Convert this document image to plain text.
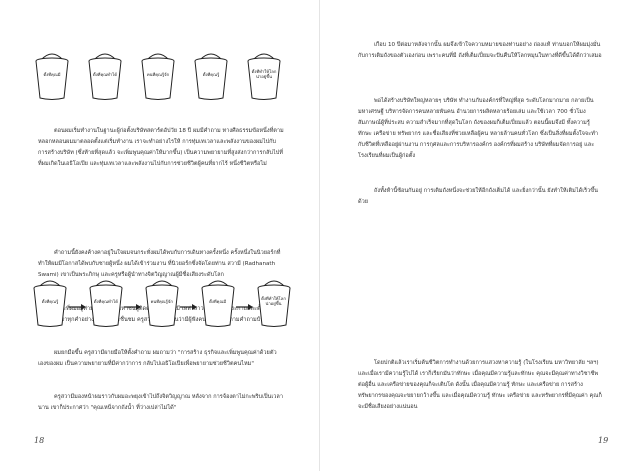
ตั้งที่คุณมี	ตั้งที่คุณทำได้	คนที่คุณรู้จัก	ตั้งที่คุณรู้
ตั้งที่ทำให้โลก
น่าอยู่ขึ้น

ตอนผมเริ่มทำงานในฐานะผู้ก่อตั้งบริษัทสตาร์ตอัปวัย 18 ปี ผมมีคำถาม ทางศีลธรรมข้อหนึ่งที่ตามหลอกหลอนผมมาตลอดตั้งแต่เริ่มทำงาน เราจะทำอย่างไรให้ การทุ่มเทเวลาและพลังงานของผมไปกับการสร้างบริษัท (ซึ่งท้ายที่สุดแล้ว จะเพิ่มพูนคุณค่าให้มากขึ้น) เป็นความพยายามที่สูงส่งกว่าการกลับไปที่ ที่ผมเกิดในเอธิโอเปีย และทุ่มเทเวลาและพลังงานไปกับการช่วยชีวิตผู้คนที่ยากไร้ หนึ่งชีวิตหรือไม่

คำถามนี้ยังคงค้างคาอยู่ในใจผมจนกระทั่งผมได้พบกับการเดินทางครั้งหนึ่ง ครั้งหนึ่งในนิวยอร์กที่ทำให้ผมมีโอกาสได้พบกับชายผู้หนึ่ง ผมได้เข้าร่วมงาน ที่นิวยอร์กซึ่งจัดโดยท่าน สวามี (Radhanath Swami) เขาเป็นพระภิกษุ และครูหรือผู้นำทางจิตวิญญาณผู้มีชื่อเสียงระดับโลก

เหล่าสาวก ต่างเป็นประกายและตั้งใจฟังคำสอนของเขาทุกคำอย่างสงบนิ่งและชื่นชม

ผมยกมือขึ้น ครูสวามีผายมือให้ตั้งคำถาม ผมถามว่า "การสร้าง ธุรกิจและเพิ่มพูนคุณค่าด้วยตัวเองของผม เป็นความพยายามที่มีค่ากว่าการ กลับไปเอธิโอเปียเพื่อพยายามช่วยชีวิตคนไหม"

ครูสวามีมองหน้าผมราวกับผมอะพยุงเข้าไปถึงจิตวิญญาณ หลังจาก การจ้องตาไม่กะพริบเป็นเวลานาน เขาก็ประกาศว่า "คุณเหน็จากถังน้ำ ที่ว่างเปล่าไม่ได้"

เกือบ 10 ปีต่อมาหลังจากนั้น ผมจึงเข้าใจความหมายของท่านอย่าง ถ่องแท้ ท่านบอกให้ผมมุ่งมั่นกับการเติมถังของตัวเองก่อน เพราะคนที่มี ถังที่เต็มเปี่ยมจะปันคืนให้โลกหมุนในทางที่ดีขึ้นได้ดีกว่าเสมอ

พอได้สร้างบริษัทใหญ่หลายๆ บริษัท ทำงานกับองค์กรที่ใหญ่ที่สุด ระดับโลกมากมาย กลายเป็นมหาเศรษฐี บริหารจัดการคนหลายพันคน อำนวยการผลิตหลายร้อยเล่ม และใช้เวลา 700 ชั่วโมงสัมภาษณ์ผู้ที่ประสบ ความสำเร็จมากที่สุดในโลก ถังของผมก็เต็มเปี่ยมแล้ว ตอนนี้ผมจึงมี ทั้งความรู้ ทักษะ เครือข่าย ทรัพยากร และชื่อเสียงที่ช่วยเหลือผู้คน หลายล้านคนทั่วโลก ซึ่งเป็นสิ่งที่ผมตั้งใจจะทำกับชีวิตที่เหลืออยู่ผ่านงาน การกุศลและการบริหารองค์กร องค์กรที่ผมสร้าง บริษัทที่ผมจัดการอยู่ และโรงเรียนที่ผมเป็นผู้ก่อตั้ง

ถังทั้งห้านี้ซ้อนกันอยู่ การเติมถังหนึ่งจะช่วยให้อีกถังเต็มได้ และยิ่งกว่านั้น ยังทำให้เติมได้เร็วขึ้นด้วย

ตั้งที่คุณรู้	ตั้งที่คุณทำได้	คนที่คุณรู้จัก	ตั้งที่คุณมี
ตั้งที่ทำให้โลก
น่าอยู่ขึ้น

โดยปกติแล้วเราเริ่มต้นชีวิตการทำงานด้วยการแสวงหาความรู้ (ในโรงเรียน มหาวิทยาลัย ฯลฯ) และเมื่อเรามีความรู้ไปได้ เราก็เรียกมันว่าทักษะ เมื่อคุณมีความรู้และทักษะ คุณจะมีคุณค่าทางวิชาชีพต่อผู้อื่น และเครือข่ายของคุณก็จะเติบโต ดังนั้น เมื่อคุณมีความรู้ ทักษะ และเครือข่าย การสร้างทรัพยากรของคุณจะขยายกว้างขึ้น และเมื่อคุณมีความรู้ ทักษะ เครือข่าย และทรัพยากรที่มีคุณค่า คุณก็จะมีชื่อเสียงอย่างแน่นอน

18	19
